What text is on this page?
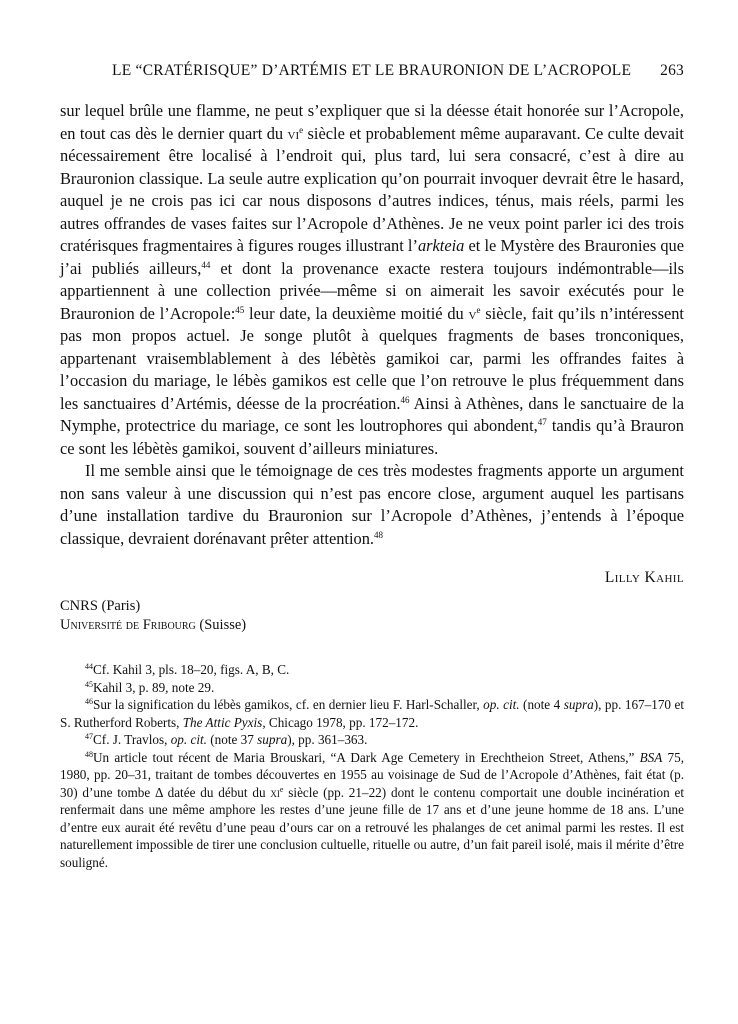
LE “CRATÉRISQUE” D’ARTÉMIS ET LE BRAURONION DE L’ACROPOLE 263

sur lequel brûle une flamme, ne peut s’expliquer que si la déesse était honorée sur l’Acropole, en tout cas dès le dernier quart du $vi^e$ siècle et probablement même auparavant. Ce culte devait nécessairement être localisé à l’endroit qui, plus tard, lui sera consacré, c’est à dire au Brauronion classique. La seule autre explication qu’on pourrait invoquer devrait être le hasard, auquel je ne crois pas ici car nous disposons d’autres indices, ténus, mais réels, parmi les autres offrandes de vases faites sur l’Acropole d’Athènes. Je ne veux point parler ici des trois cratérisques fragmentaires à figures rouges illustrant l’arkteia et le Mystère des Brauronies que j’ai publiés ailleurs,$^{44}$ et dont la provenance exacte restera toujours indémontrable—ils appartiennent à une collection privée—même si on aimerait les savoir exécutés pour le Brauronion de l’Acropole:$^{45}$ leur date, la deuxième moitié du $v^e$ siècle, fait qu’ils n’intéressent pas mon propos actuel. Je songe plutôt à quelques fragments de bases tronconiques, appartenant vraisemblablement à des lébètès gamikoi car, parmi les offrandes faites à l’occasion du mariage, le lébès gamikos est celle que l’on retrouve le plus fréquemment dans les sanctuaires d’Artémis, déesse de la procréation.$^{46}$ Ainsi à Athènes, dans le sanctuaire de la Nymphe, protectrice du mariage, ce sont les loutrophores qui abondent,$^{47}$ tandis qu’à Brauron ce sont les lébètès gamikoi, souvent d’ailleurs miniatures.

Il me semble ainsi que le témoignage de ces très modestes fragments apporte un argument non sans valeur à une discussion qui n’est pas encore close, argument auquel les partisans d’une installation tardive du Brauronion sur l’Acropole d’Athènes, j’entends à l’époque classique, devraient dorénavant prêter attention.$^{48}$

Lilly Kahil
CNRS (Paris)
Université de Fribourg (Suisse)

$^{44}$Cf. Kahil 3, pls. 18–20, figs. A, B, C.

$^{45}$Kahil 3, p. 89, note 29.

$^{46}$Sur la signification du lébès gamikos, cf. en dernier lieu F. Harl-Schaller, op. cit. (note 4 supra), pp. 167–170 et S. Rutherford Roberts, The Attic Pyxis, Chicago 1978, pp. 172–172.

$^{47}$Cf. J. Travlos, op. cit. (note 37 supra), pp. 361–363.

$^{48}$Un article tout récent de Maria Brouskari, “A Dark Age Cemetery in Erechtheion Street, Athens,” BSA 75, 1980, pp. 20–31, traitant de tombes découvertes en 1955 au voisinage de Sud de l’Acropole d’Athènes, fait état (p. 30) d’une tombe Δ datée du début du $xi^e$ siècle (pp. 21–22) dont le contenu comportait une double incinération et renfermait dans une même amphore les restes d’une jeune fille de 17 ans et d’une jeune homme de 18 ans. L’une d’entre eux aurait été revêtu d’une peau d’ours car on a retrouvé les phalanges de cet animal parmi les restes. Il est naturellement impossible de tirer une conclusion cultuelle, rituelle ou autre, d’un fait pareil isolé, mais il mérite d’être souligné.
